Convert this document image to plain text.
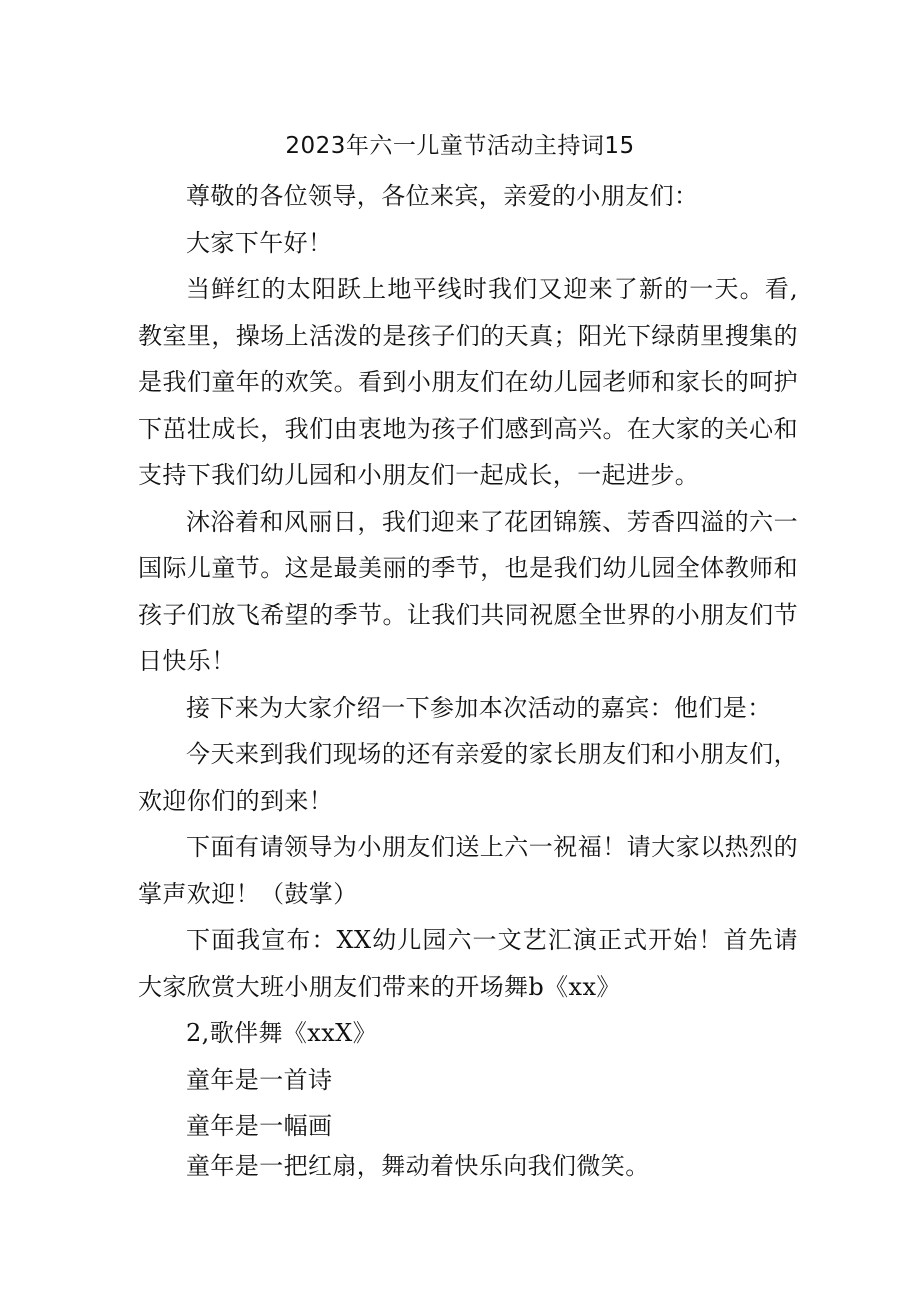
2023年六一儿童节活动主持词15

尊敬的各位领导，各位来宾，亲爱的小朋友们：

大家下午好！

当鲜红的太阳跃上地平线时我们又迎来了新的一天。看,教室里，操场上活泼的是孩子们的天真；阳光下绿荫里搜集的是我们童年的欢笑。看到小朋友们在幼儿园老师和家长的呵护下茁壮成长，我们由衷地为孩子们感到高兴。在大家的关心和支持下我们幼儿园和小朋友们一起成长，一起进步。

沐浴着和风丽日，我们迎来了花团锦簇、芳香四溢的六一国际儿童节。这是最美丽的季节，也是我们幼儿园全体教师和孩子们放飞希望的季节。让我们共同祝愿全世界的小朋友们节日快乐！

接下来为大家介绍一下参加本次活动的嘉宾：他们是：

今天来到我们现场的还有亲爱的家长朋友们和小朋友们，欢迎你们的到来！

下面有请领导为小朋友们送上六一祝福！请大家以热烈的掌声欢迎！（鼓掌）

下面我宣布：XX幼儿园六一文艺汇演正式开始！首先请大家欣赏大班小朋友们带来的开场舞b《xx》

2,歌伴舞《xxX》

童年是一首诗

童年是一幅画

童年是一把红扇，舞动着快乐向我们微笑。
